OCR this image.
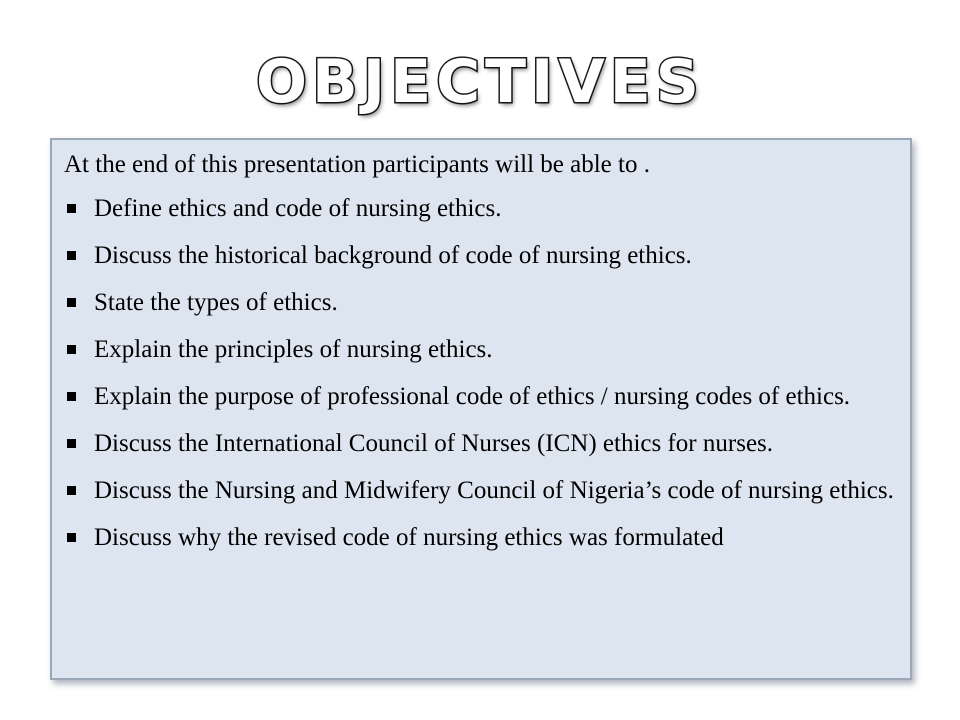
OBJECTIVES
At the end of this presentation participants will be able to .
Define ethics and code of nursing ethics.
Discuss the historical background of code of nursing ethics.
State the types of ethics.
Explain the principles of nursing ethics.
Explain the purpose of professional code of ethics / nursing codes of ethics.
Discuss the International Council of Nurses (ICN) ethics for nurses.
Discuss the Nursing and Midwifery Council of Nigeria’s code of nursing ethics.
Discuss why the revised code of nursing ethics was formulated
